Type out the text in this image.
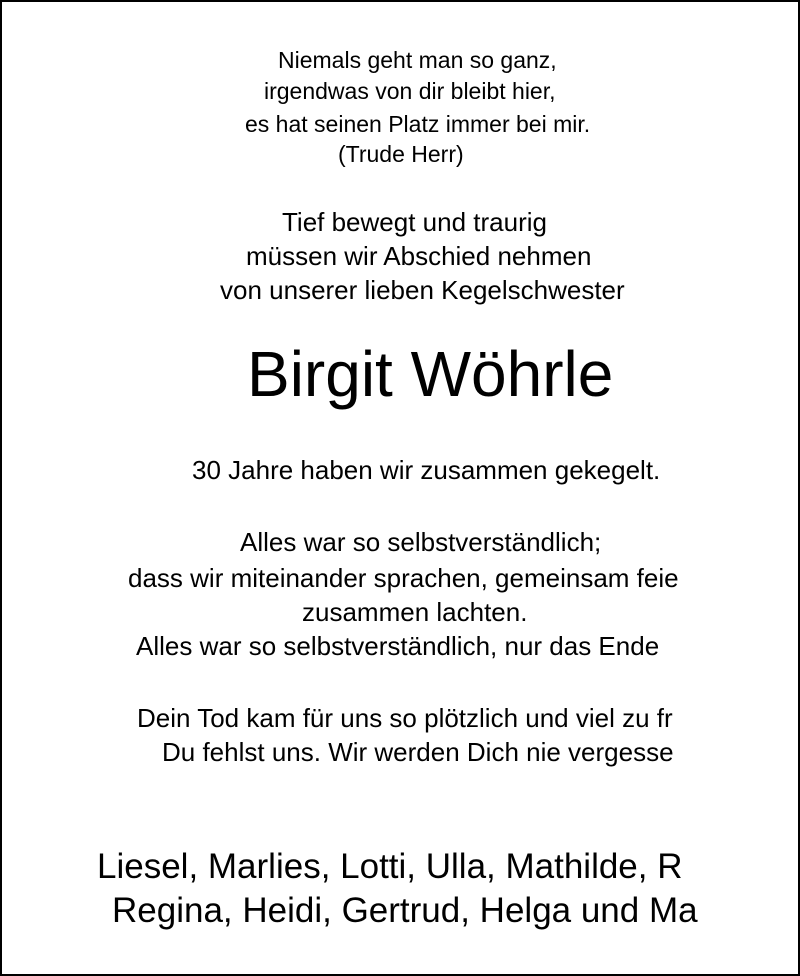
Niemals geht man so ganz,
irgendwas von dir bleibt hier,
es hat seinen Platz immer bei mir.
(Trude Herr)
Tief bewegt und traurig
müssen wir Abschied nehmen
von unserer lieben Kegelschwester
Birgit Wöhrle
30 Jahre haben wir zusammen gekegelt.
Alles war so selbstverständlich;
dass wir miteinander sprachen, gemeinsam feie
zusammen lachten.
Alles war so selbstverständlich, nur das Ende
Dein Tod kam für uns so plötzlich und viel zu fr
Du fehlst uns. Wir werden Dich nie vergesse
Liesel, Marlies, Lotti, Ulla, Mathilde, R
Regina, Heidi, Gertrud, Helga und Ma
